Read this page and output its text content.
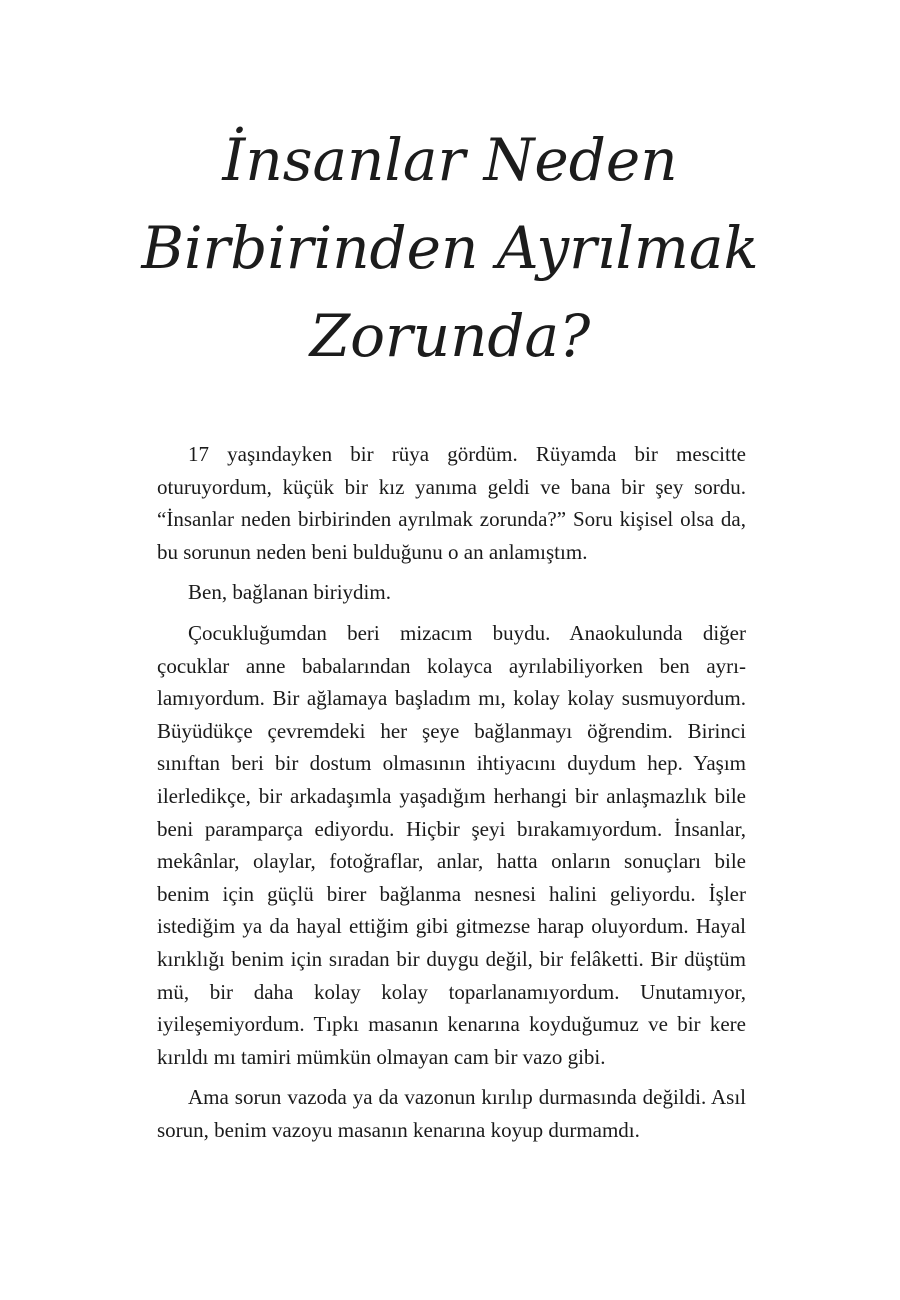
İnsanlar Neden
Birbirinden Ayrılmak
Zorunda?

17 yaşındayken bir rüya gördüm. Rüyamda bir mescitte oturuyordum, küçük bir kız yanıma geldi ve bana bir şey sordu. “İnsanlar neden birbirinden ayrılmak zorunda?” Soru kişisel olsa da, bu sorunun neden beni bulduğunu o an anlamıştım.

Ben, bağlanan biriydim.

Çocukluğumdan beri mizacım buydu. Anaokulunda diğer çocuklar anne babalarından kolayca ayrılabiliyorken ben ayrılamıyordum. Bir ağlamaya başladım mı, kolay kolay susmuyordum. Büyüdükçe çevremdeki her şeye bağlanmayı öğrendim. Birinci sınıftan beri bir dostum olmasının ihtiyacını duydum hep. Yaşım ilerledikçe, bir arkadaşımla yaşadığım herhangi bir anlaşmazlık bile beni paramparça ediyordu. Hiçbir şeyi bırakamıyordum. İnsanlar, mekânlar, olaylar, fotoğraflar, anlar, hatta onların sonuçları bile benim için güçlü birer bağlanma nesnesi halini geliyordu. İşler istediğim ya da hayal ettiğim gibi gitmezse harap oluyordum. Hayal kırıklığı benim için sıradan bir duygu değil, bir felâketti. Bir düştüm mü, bir daha kolay kolay toparlanamıyordum. Unutamıyor, iyileşemiyordum. Tıpkı masanın kenarına koyduğumuz ve bir kere kırıldı mı tamiri mümkün olmayan cam bir vazo gibi.

Ama sorun vazoda ya da vazonun kırılıp durmasında değildi. Asıl sorun, benim vazoyu masanın kenarına koyup durmamdı.
